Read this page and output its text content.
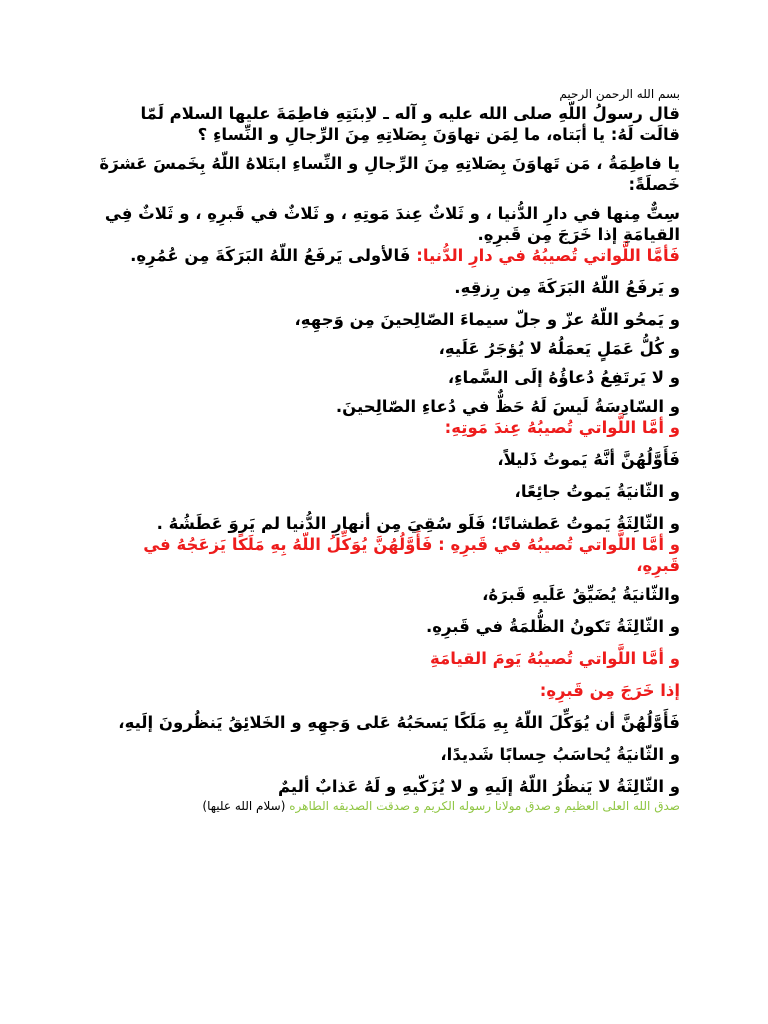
بسم الله الرحمن الرحيم

قال رسولُ اللّهِ صلى الله عليه و آله ـ لاِبنَتِهِ فاطِمَةَ عليها السلام لَمّا قالَت لَهُ: يا أبَتاه، ما لِمَن تهاوَنَ بِصَلاتِهِ مِنَ الرِّجالِ و النِّساءِ ؟

يا فاطِمَةُ ، مَن تَهاوَنَ بِصَلاتِهِ مِنَ الرِّجالِ و النِّساءِ ابتَلاهُ اللّهُ بِخَمسَ عَشرَةَ خَصلَةً:

سِتٌّ مِنها في دارِ الدُّنيا ، و ثَلاثٌ عِندَ مَوتِهِ ، و ثَلاثٌ في قَبرِهِ ، و ثَلاثٌ فِي القيامَةِ إذا خَرَجَ مِن قَبرِهِ.

فَأمَّا اللَّواتي تُصيبُهُ في دارِ الدُّنيا: فَالأولى يَرفَعُ اللّهُ البَرَكَةَ مِن عُمُرِهِ.

و يَرفَعُ اللّهُ البَرَكَةَ مِن رِزقِهِ.

و يَمحُو اللّهُ عزّ و جلّ سيماءَ الصّالِحينَ مِن وَجهِهِ،

و كُلُّ عَمَلٍ يَعمَلُهُ لا يُؤجَرُ عَلَيهِ،

و لا يَرتَفِعُ دُعاؤُهُ إلَى السَّماءِ،

و السّادِسَةُ لَيسَ لَهُ حَظٌّ في دُعاءِ الصّالِحينَ.

و أمَّا اللَّواتي تُصيبُهُ عِندَ مَوتِهِ:

فَأَوَّلُهُنَّ أنَّهُ يَموتُ ذَليلاً،

و الثّانيَةُ يَموتُ جائِعًا،

و الثّالِثَةُ يَموتُ عَطشانًا؛ فَلَو سُقِيَ مِن أنهارِ الدُّنيا لم يَروَ عَطَشُهُ .

و أمَّا اللَّواتي تُصيبُهُ في قَبرِهِ : فَأَوَّلُهُنَّ يُوَكِّلُ اللّهُ بِهِ مَلَكًا يَزعَجُهُ في قَبرِهِ،

والثّانيَةُ يُضَيِّقُ عَلَيهِ قَبرَهُ،

و الثّالِثَةُ تَكونُ الظُّلمَةُ في قَبرِهِ.

و أمَّا اللَّواتي تُصيبُهُ يَومَ القيامَةِ

إذا خَرَجَ مِن قَبرِهِ:

فَأَوَّلُهُنَّ أن يُوَكِّلَ اللّهُ بِهِ مَلَكًا يَسحَبُهُ عَلى وَجهِهِ و الخَلائِقُ يَنظُرونَ إلَيهِ،

و الثّانيَةُ يُحاسَبُ حِسابًا شَديدًا،

و الثّالِثَةُ لا يَنظُرُ اللّهُ إلَيهِ و لا يُزَكّيهِ و لَهُ عَذابٌ أليمٌ

صدق الله العلی العظیم و صدق مولانا رسوله الکریم و صدقت الصدیقه الطاهره (سلام الله علیها)
